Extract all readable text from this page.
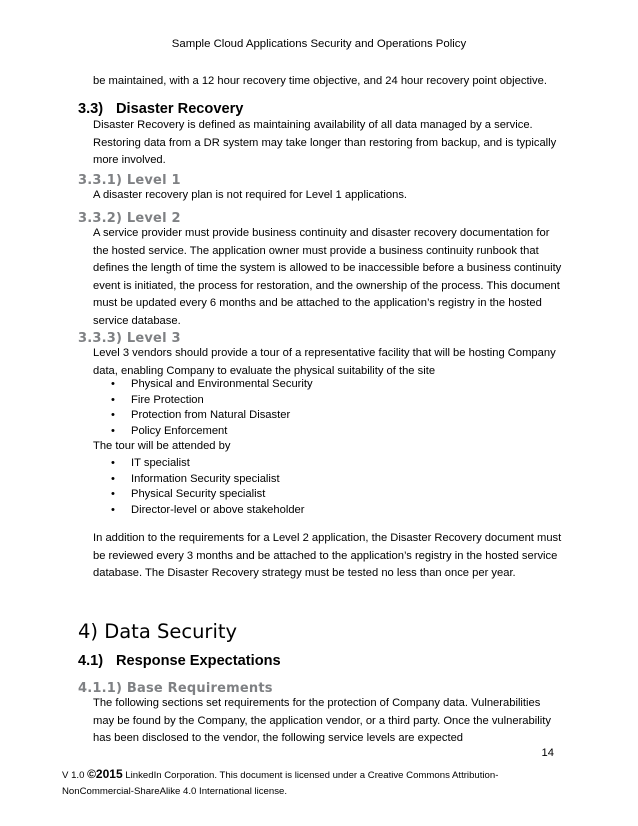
Sample Cloud Applications Security and Operations Policy

be maintained, with a 12 hour recovery time objective, and 24 hour recovery point objective.

3.3) Disaster Recovery

Disaster Recovery is defined as maintaining availability of all data managed by a service. Restoring data from a DR system may take longer than restoring from backup, and is typically more involved.

3.3.1) Level 1

A disaster recovery plan is not required for Level 1 applications.

3.3.2) Level 2

A service provider must provide business continuity and disaster recovery documentation for the hosted service. The application owner must provide a business continuity runbook that defines the length of time the system is allowed to be inaccessible before a business continuity event is initiated, the process for restoration, and the ownership of the process. This document must be updated every 6 months and be attached to the application’s registry in the hosted service database.

3.3.3) Level 3

Level 3 vendors should provide a tour of a representative facility that will be hosting Company data, enabling Company to evaluate the physical suitability of the site

• Physical and Environmental Security
• Fire Protection
• Protection from Natural Disaster
• Policy Enforcement

The tour will be attended by

• IT specialist
• Information Security specialist
• Physical Security specialist
• Director-level or above stakeholder

In addition to the requirements for a Level 2 application, the Disaster Recovery document must be reviewed every 3 months and be attached to the application’s registry in the hosted service database. The Disaster Recovery strategy must be tested no less than once per year.

4) Data Security
4.1) Response Expectations
4.1.1) Base Requirements

The following sections set requirements for the protection of Company data. Vulnerabilities may be found by the Company, the application vendor, or a third party. Once the vulnerability has been disclosed to the vendor, the following service levels are expected

14
V 1.0 ©2015 LinkedIn Corporation. This document is licensed under a Creative Commons Attribution-
NonCommercial-ShareAlike 4.0 International license.
